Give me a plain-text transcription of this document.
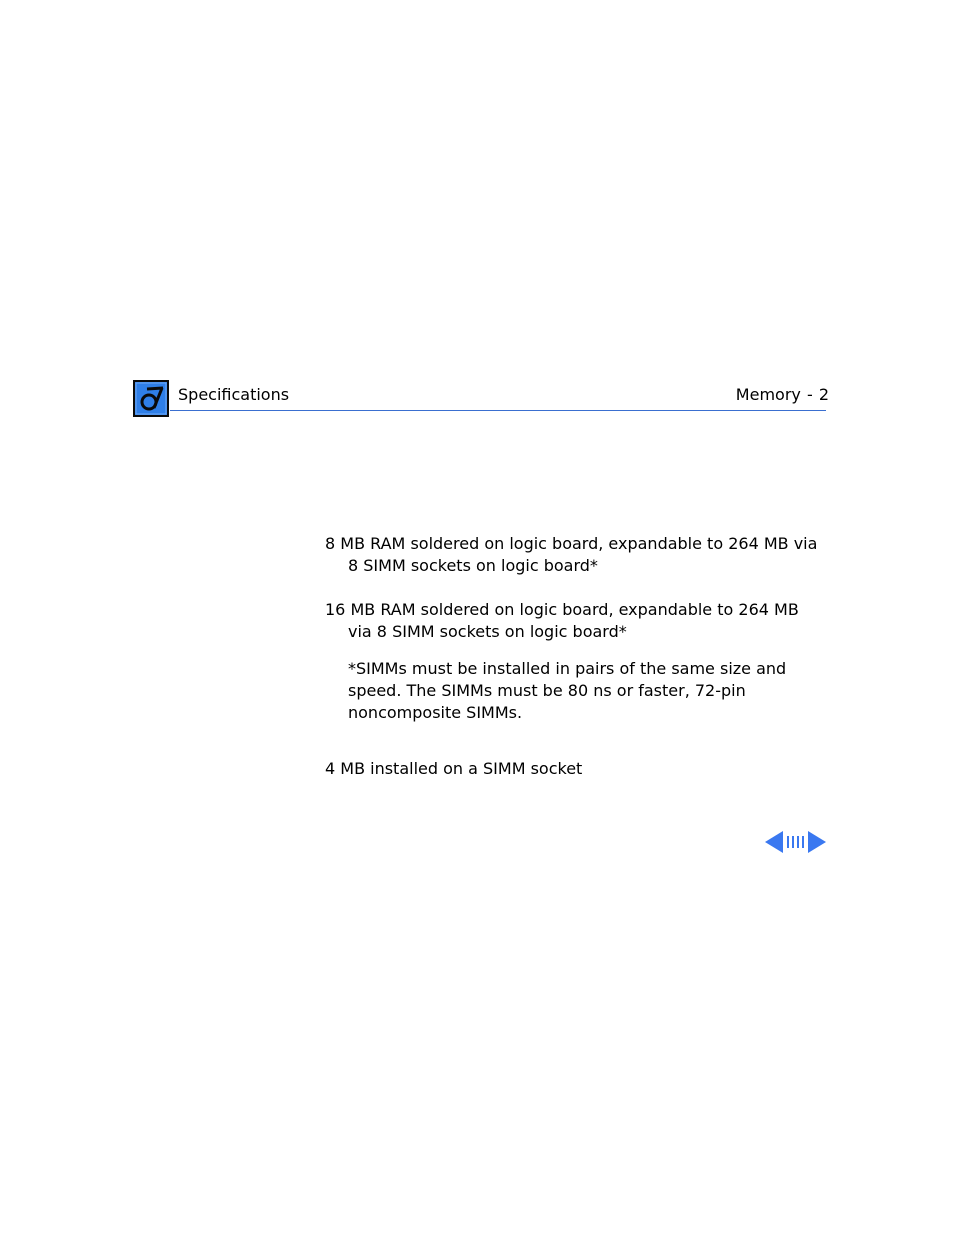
Specifications	Memory - 2

8 MB RAM soldered on logic board, expandable to 264 MB via 8 SIMM sockets on logic board*

16 MB RAM soldered on logic board, expandable to 264 MB via 8 SIMM sockets on logic board*

*SIMMs must be installed in pairs of the same size and speed. The SIMMs must be 80 ns or faster, 72-pin noncomposite SIMMs.

4 MB installed on a SIMM socket
